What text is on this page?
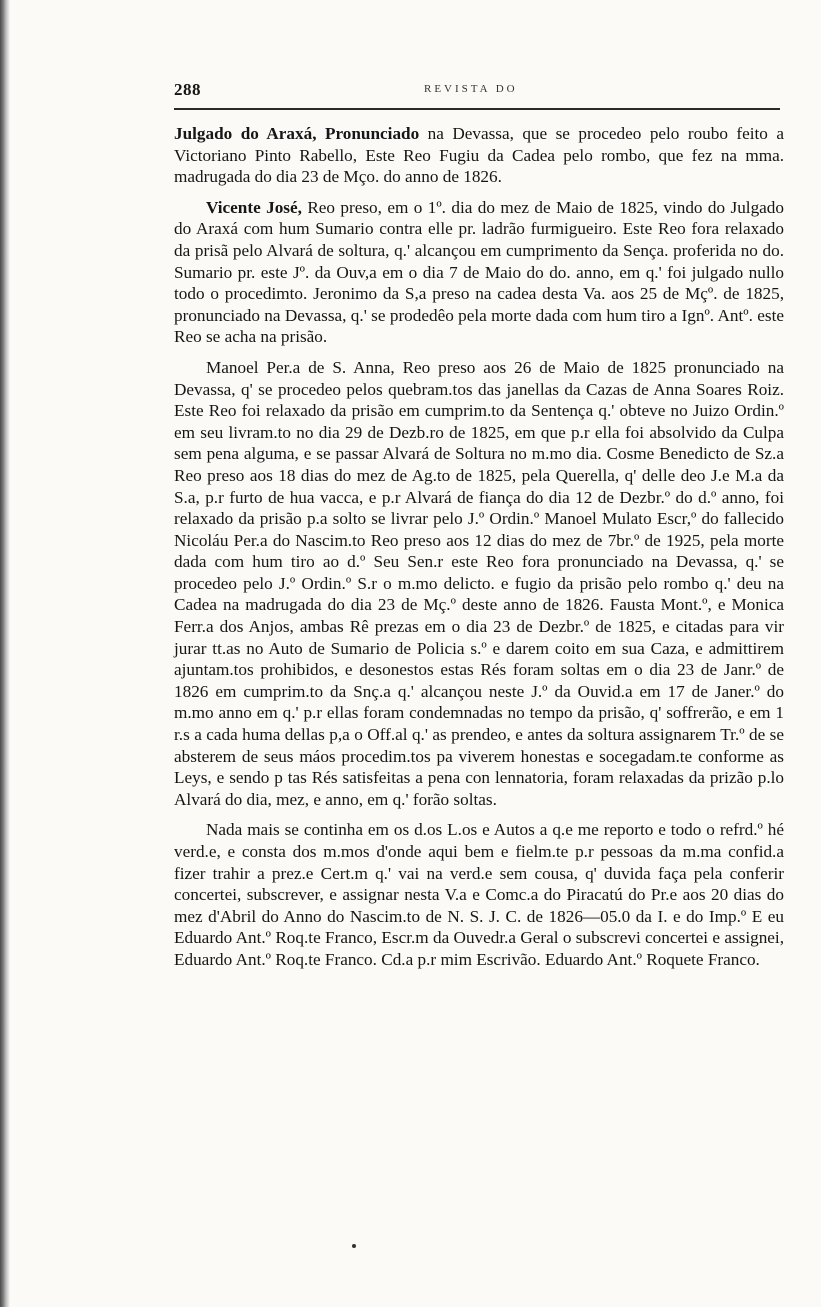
288	REVISTA DO

Julgado do Araxá, Pronunciado na Devassa, que se procedeo pelo roubo feito a Victoriano Pinto Rabello, Este Reo Fugiu da Cadea pelo rombo, que fez na mma. madrugada do dia 23 de Mço. do anno de 1826.

Vicente José, Reo preso, em o 1º. dia do mez de Maio de 1825, vindo do Julgado do Araxá com hum Sumario contra elle pr. ladrão furmigueiro. Este Reo fora relaxado da prisã pelo Alvará de soltura, q.' alcançou em cumprimento da Sença. proferida no do. Sumario pr. este Jº. da Ouv,a em o dia 7 de Maio do do. anno, em q.' foi julgado nullo todo o procedimto. Jeronimo da S,a preso na cadea desta Va. aos 25 de Mçº. de 1825, pronunciado na Devassa, q.' se prodedêo pela morte dada com hum tiro a Ignº. Antº. este Reo se acha na prisão.

Manoel Per.a de S. Anna, Reo preso aos 26 de Maio de 1825 pronunciado na Devassa, q' se procedeo pelos quebram.tos das janellas da Cazas de Anna Soares Roiz. Este Reo foi relaxado da prisão em cumprim.to da Sentença q.' obteve no Juizo Ordin.º em seu livram.to no dia 29 de Dezb.ro de 1825, em que p.r ella foi absolvido da Culpa sem pena alguma, e se passar Alvará de Soltura no m.mo dia. Cosme Benedicto de Sz.a Reo preso aos 18 dias do mez de Ag.to de 1825, pela Querella, q' delle deo J.e M.a da S.a, p.r furto de hua vacca, e p.r Alvará de fiança do dia 12 de Dezbr.º do d.º anno, foi relaxado da prisão p.a solto se livrar pelo J.º Ordin.º Manoel Mulato Escr,º do fallecido Nicoláu Per.a do Nascim.to Reo preso aos 12 dias do mez de 7br.º de 1925, pela morte dada com hum tiro ao d.º Seu Sen.r este Reo fora pronunciado na Devassa, q.' se procedeo pelo J.º Ordin.º S.r o m.mo delicto. e fugio da prisão pelo rombo q.' deu na Cadea na madrugada do dia 23 de Mç.º deste anno de 1826. Fausta Mont.º, e Monica Ferr.a dos Anjos, ambas Rê prezas em o dia 23 de Dezbr.º de 1825, e citadas para vir jurar tt.as no Auto de Sumario de Policia s.º e darem coito em sua Caza, e admittirem ajuntam.tos prohibidos, e desonestos estas Rés foram soltas em o dia 23 de Janr.º de 1826 em cumprim.to da Snç.a q.' alcançou neste J.º da Ouvid.a em 17 de Janer.º do m.mo anno em q.' p.r ellas foram condemnadas no tempo da prisão, q' soffrerão, e em 1 r.s a cada huma dellas p,a o Off.al q.' as prendeo, e antes da soltura assignarem Tr.º de se absterem de seus máos procedim.tos pa viverem honestas e socegadam.te conforme as Leys, e sendo p tas Rés satisfeitas a pena con lennatoria, foram relaxadas da prizão p.lo Alvará do dia, mez, e anno, em q.' forão soltas.

Nada mais se continha em os d.os L.os e Autos a q.e me reporto e todo o refrd.º hé verd.e, e consta dos m.mos d'onde aqui bem e fielm.te p.r pessoas da m.ma confid.a fizer trahir a prez.e Cert.m q.' vai na verd.e sem cousa, q' duvida faça pela conferir concertei, subscrever, e assignar nesta V.a e Comc.a do Piracatú do Pr.e aos 20 dias do mez d'Abril do Anno do Nascim.to de N. S. J. C. de 1826—05.0 da I. e do Imp.º E eu Eduardo Ant.º Roq.te Franco, Escr.m da Ouvedr.a Geral o subscrevi concertei e assignei, Eduardo Ant.º Roq.te Franco. Cd.a p.r mim Escrivão. Eduardo Ant.º Roquete Franco.
